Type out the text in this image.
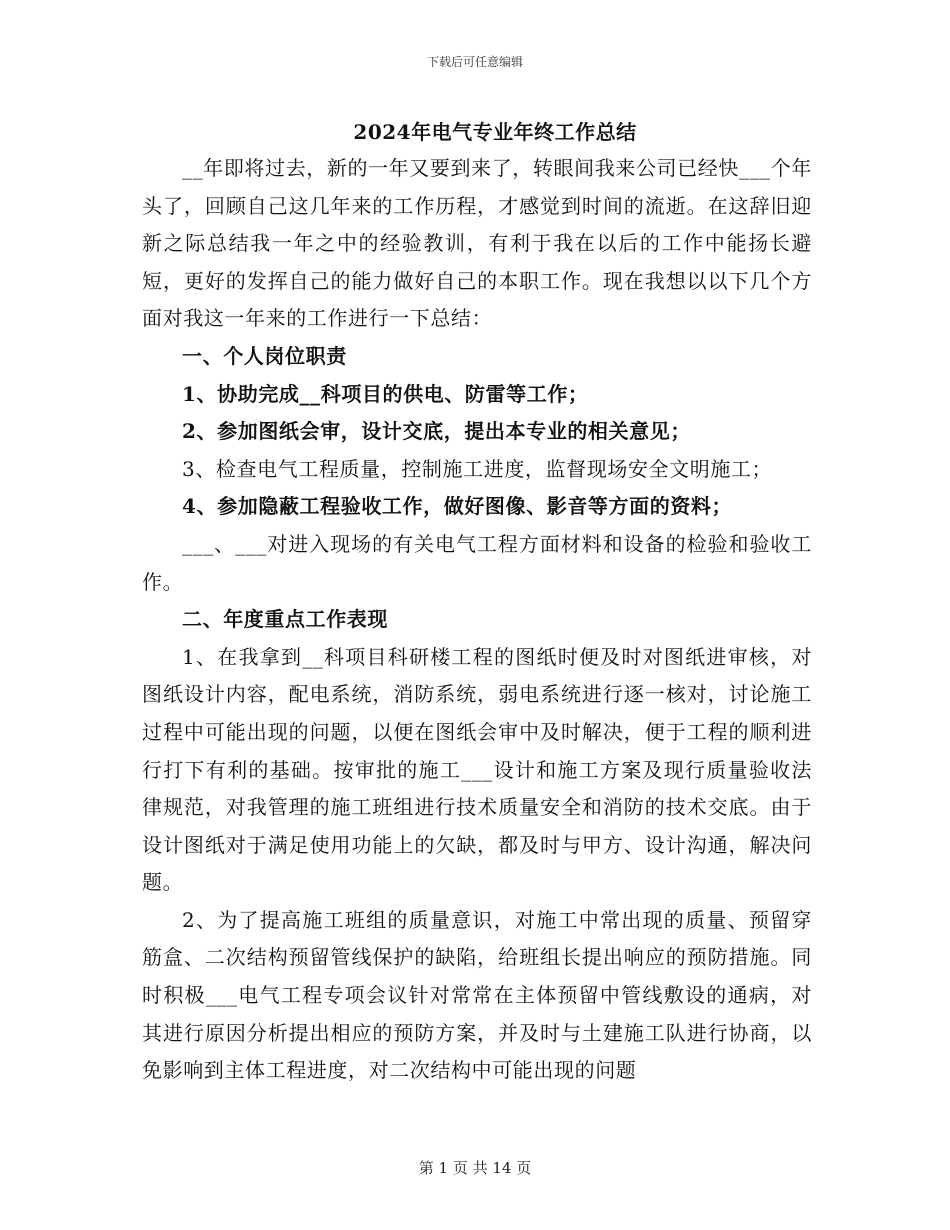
下载后可任意编辑
2024年电气专业年终工作总结

__年即将过去，新的一年又要到来了，转眼间我来公司已经快___个年头了，回顾自己这几年来的工作历程，才感觉到时间的流逝。在这辞旧迎新之际总结我一年之中的经验教训，有利于我在以后的工作中能扬长避短，更好的发挥自己的能力做好自己的本职工作。现在我想以以下几个方面对我这一年来的工作进行一下总结：

一、个人岗位职责

1、协助完成__科项目的供电、防雷等工作；

2、参加图纸会审，设计交底，提出本专业的相关意见；

3、检查电气工程质量，控制施工进度，监督现场安全文明施工；

4、参加隐蔽工程验收工作，做好图像、影音等方面的资料；

___、___对进入现场的有关电气工程方面材料和设备的检验和验收工作。

二、年度重点工作表现

1、在我拿到__科项目科研楼工程的图纸时便及时对图纸进审核，对图纸设计内容，配电系统，消防系统，弱电系统进行逐一核对，讨论施工过程中可能出现的问题，以便在图纸会审中及时解决，便于工程的顺利进行打下有利的基础。按审批的施工___设计和施工方案及现行质量验收法律规范，对我管理的施工班组进行技术质量安全和消防的技术交底。由于设计图纸对于满足使用功能上的欠缺，都及时与甲方、设计沟通，解决问题。

2、为了提高施工班组的质量意识，对施工中常出现的质量、预留穿筋盒、二次结构预留管线保护的缺陷，给班组长提出响应的预防措施。同时积极___电气工程专项会议针对常常在主体预留中管线敷设的通病，对其进行原因分析提出相应的预防方案，并及时与土建施工队进行协商，以免影响到主体工程进度，对二次结构中可能出现的问题

第 1 页 共 14 页
